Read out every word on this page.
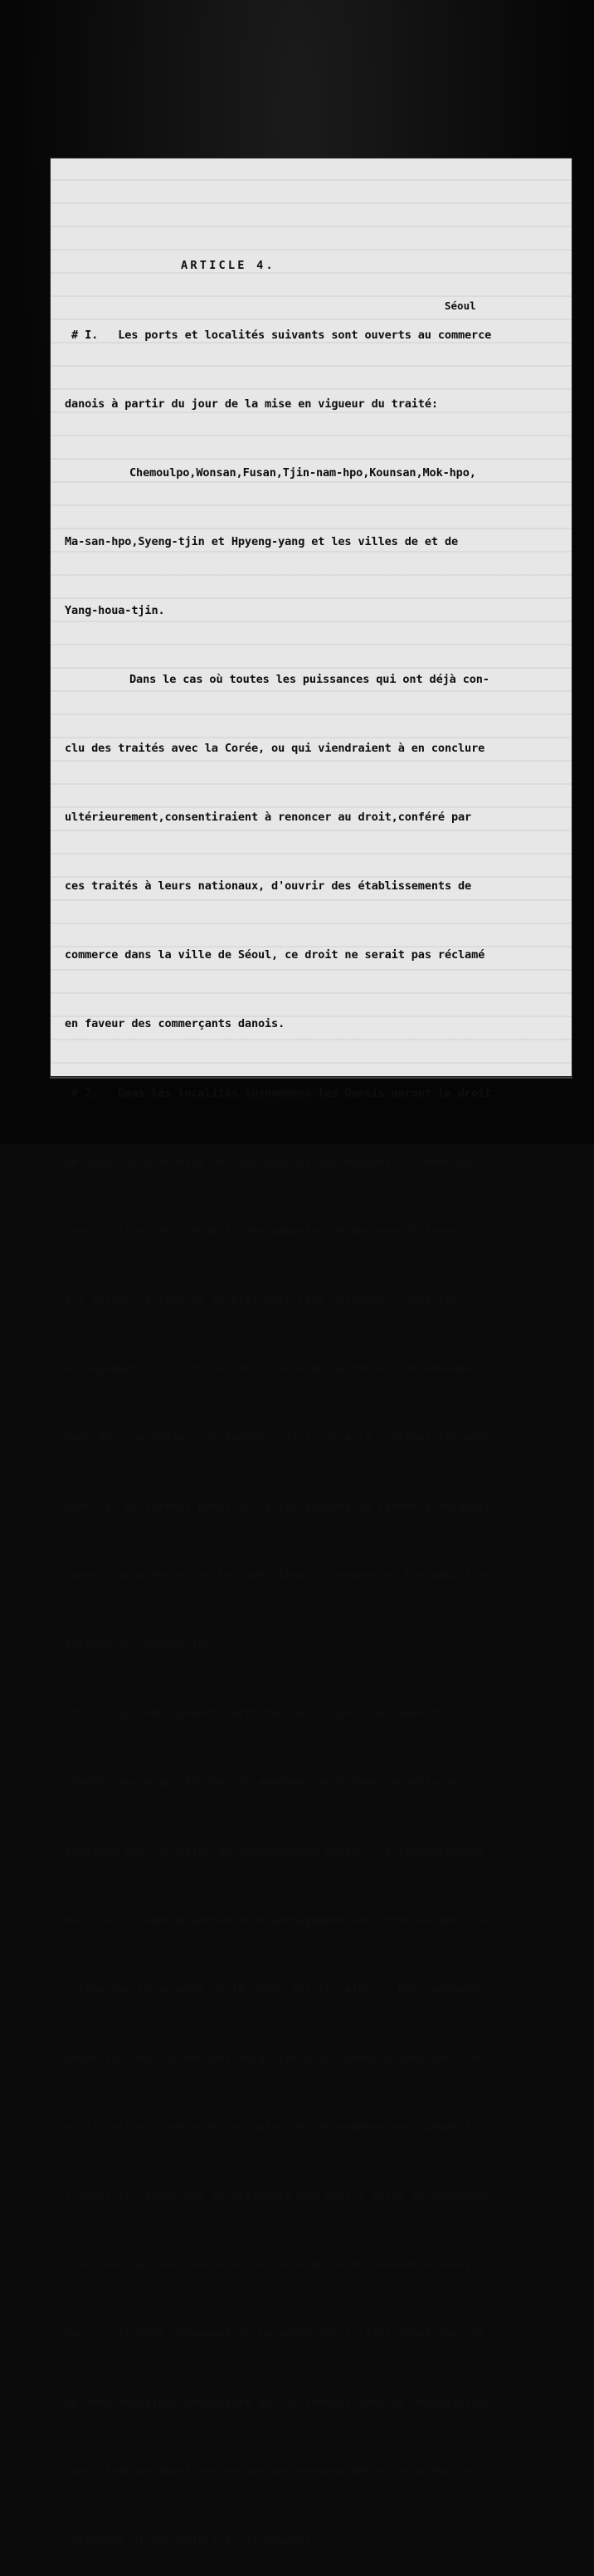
Séoul

ARTICLE 4.

# I.   Les ports et localités suivants sont ouverts au commerce

danois à partir du jour de la mise en vigueur du traité:

Chemoulpo,Wonsan,Fusan,Tjin-nam-hpo,Kounsan,Mok-hpo,

Ma-san-hpo,Syeng-tjin et Hpyeng-yang et les villes de et de

Yang-houa-tjin.

Dans le cas où toutes les puissances qui ont déjà con-

clu des traités avec la Corée, ou qui viendraient à en conclure

ultérieurement,consentiraient à renoncer au droit,conféré par

ces traités à leurs nationaux, d'ouvrir des établissements de

commerce dans la ville de Séoul, ce droit ne serait pas réclamé

en faveur des commerçants danois.

# 2.   Dans les localités susnommées les Danois auront le droit

de louer ou d'acheter des terrains et des maisons,d'elever des

constructions et d'établir des magasins et des manufactures.

Ils auront la liberté de pratiquer leur religion.  Tous les

arrangements relatifs au choix, à la délimitation, àl'amenage-

ment des concessions étrangères, ainsi qu'à la ventedes terrains

dans les differents ports ou villes ouverts au commerce étranger

seront concertés entre les autorités  coréennes et les autorités

étrangères compétentes.

# 3.   Les emplacements affectés aux concessions seronta

achetés aux propriétaires et aménagés pour leur nouvelle des-

tination par les soins du Gouvernement Coreen; le remboursement

des frais d'expropriation et d'aménagement sera prélevé,par pri-

vilège,sur le produit de la vente des terrains.   Une redevance

annuelle, dont le montant sera fixé d'un commun accord,par l'ad-

ministration coreene et les autorités étrangères sera payée à

l'autorité locale qui en retiendra une part,à titre de compensa-

tion pour la taxe foncière; le reste de cette redevance ainsi

que le reliquat provenant de la vente des trrains constitueront

un fond municipal administré par un conseil dont la constitution

sera ultérieurement reglée par une entente entre les autorités

coreennes et les autorités étrangeres.
